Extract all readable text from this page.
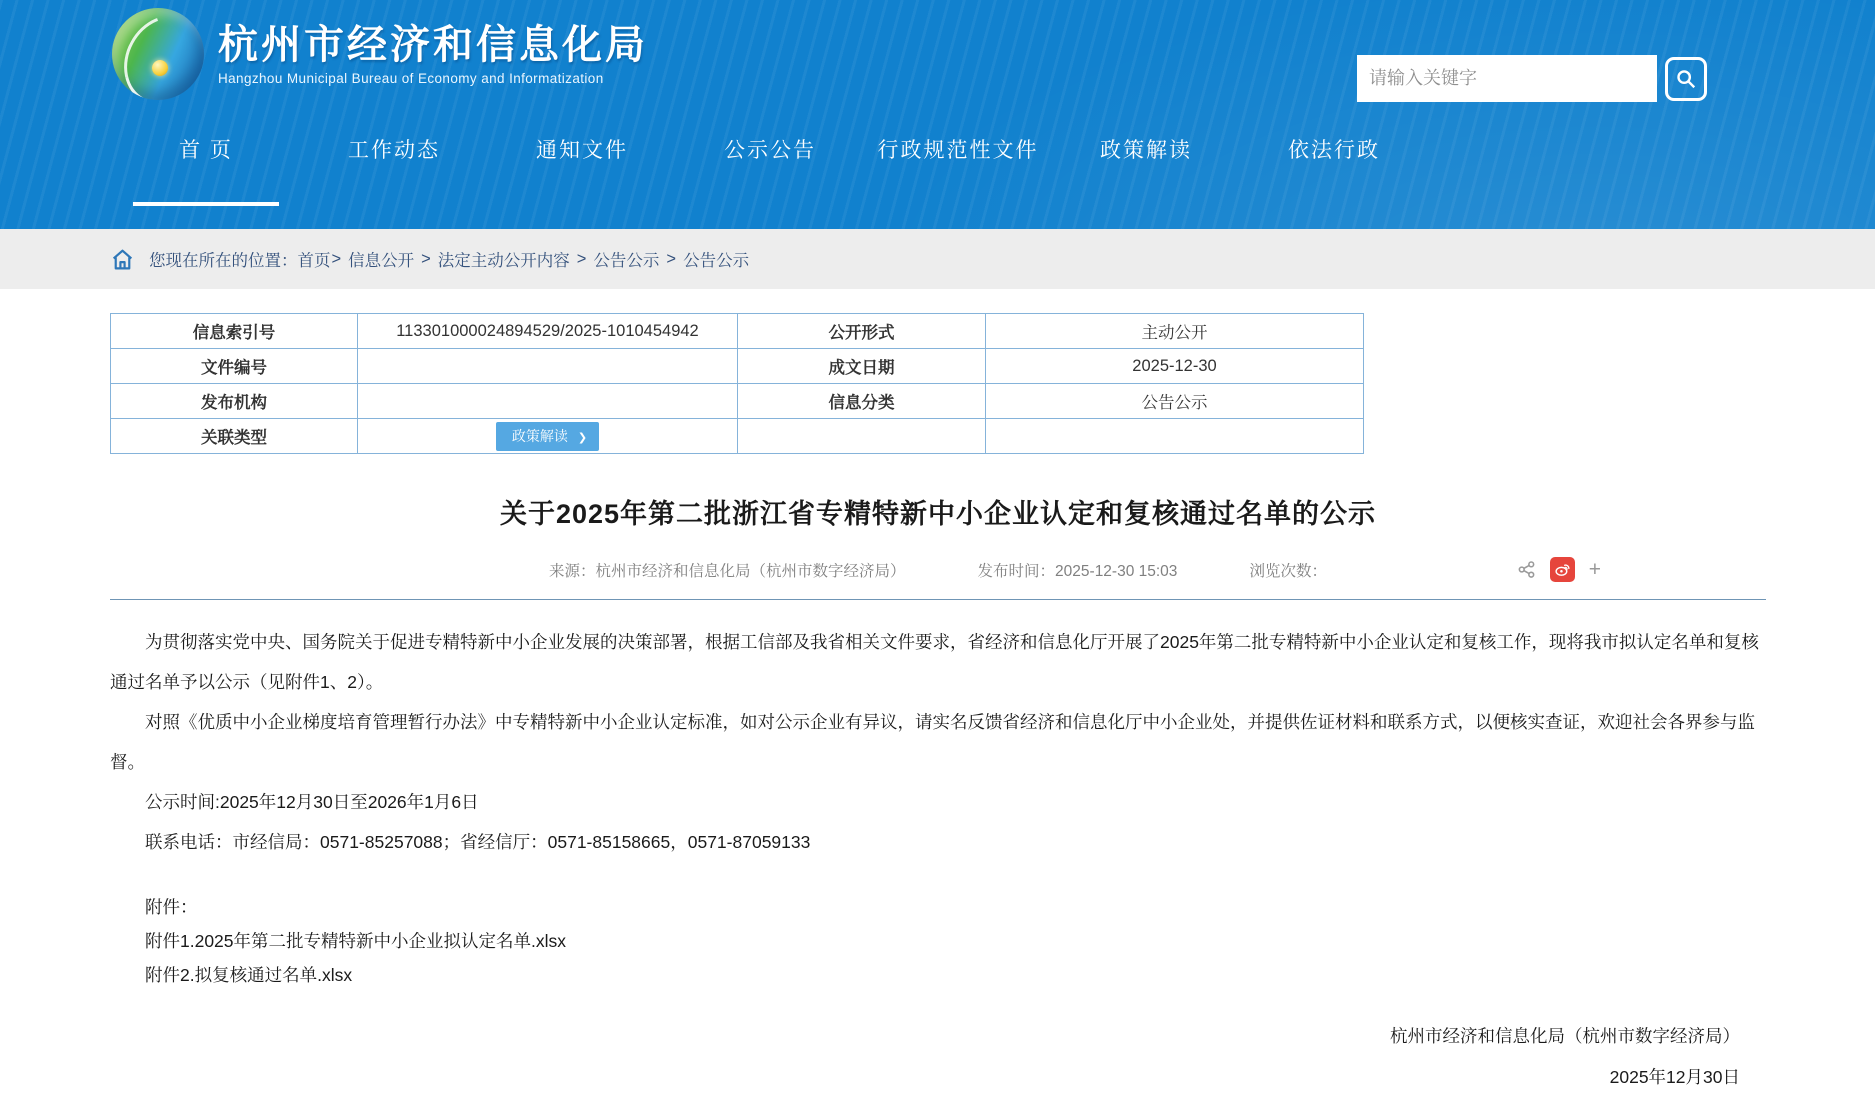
杭州市经济和信息化局
Hangzhou Municipal Bureau of Economy and Informatization
请输入关键字
首 页	工作动态	通知文件	公示公告	行政规范性文件	政策解读	依法行政
您现在所在的位置： 首页 > 信息公开 > 法定主动公开内容 > 公告公示 > 公告公示
信息索引号	113301000024894529/2025-1010454942	公开形式	主动公开
文件编号		成文日期	2025-12-30
发布机构		信息分类	公告公示
关联类型	政策解读 ❯		
关于2025年第二批浙江省专精特新中小企业认定和复核通过名单的公示
来源：杭州市经济和信息化局（杭州市数字经济局）	发布时间：2025-12-30 15:03	浏览次数：	+

为贯彻落实党中央、国务院关于促进专精特新中小企业发展的决策部署，根据工信部及我省相关文件要求，省经济和信息化厅开展了2025年第二批专精特新中小企业认定和复核工作，现将我市拟认定名单和复核通过名单予以公示（见附件1、2）。

对照《优质中小企业梯度培育管理暂行办法》中专精特新中小企业认定标准，如对公示企业有异议，请实名反馈省经济和信息化厅中小企业处，并提供佐证材料和联系方式，以便核实查证，欢迎社会各界参与监督。

公示时间:2025年12月30日至2026年1月6日

联系电话：市经信局：0571-85257088；省经信厅：0571-85158665，0571-87059133

附件：

附件1.2025年第二批专精特新中小企业拟认定名单.xlsx

附件2.拟复核通过名单.xlsx

杭州市经济和信息化局（杭州市数字经济局）
2025年12月30日
